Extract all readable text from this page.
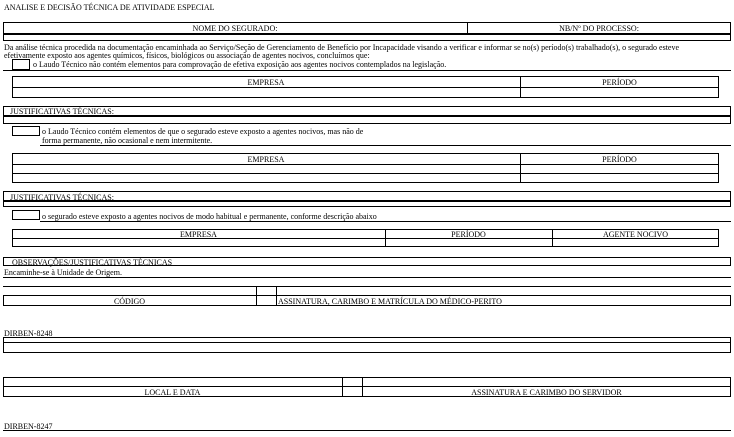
ANALISE E DECISÃO TÉCNICA DE ATIVIDADE ESPECIAL
NOME DO SEGURADO:	NB/Nº DO PROCESSO:
Da análise técnica procedida na documentação encaminhada ao Serviço/Seção de Gerenciamento de Benefício por Incapacidade visando a verificar e informar se no(s) período(s) trabalhado(s), o segurado esteve
efetivamente exposto aos agentes químicos, físicos, biológicos ou associação de agentes nocivos, concluímos que:
o Laudo Técnico não contém elementos para comprovação de efetiva exposição aos agentes nocivos contemplados na legislação.
EMPRESA	PERÍODO
JUSTIFICATIVAS TÉCNICAS:
o Laudo Técnico contém elementos de que o segurado esteve exposto a agentes nocivos, mas não de
forma permanente, não ocasional e nem intermitente.
EMPRESA	PERÍODO
JUSTIFICATIVAS TÉCNICAS:
o segurado esteve exposto a agentes nocivos de modo habitual e permanente, conforme descrição abaixo
EMPRESA	PERÍODO	AGENTE NOCIVO
OBSERVAÇÕES/JUSTIFICATIVAS TÉCNICAS
Encaminhe-se à Unidade de Origem.
CÓDIGO	ASSINATURA, CARIMBO E MATRÍCULA DO MÉDICO-PERITO
DIRBEN-8248
LOCAL E DATA	ASSINATURA E CARIMBO DO SERVIDOR
DIRBEN-8247
